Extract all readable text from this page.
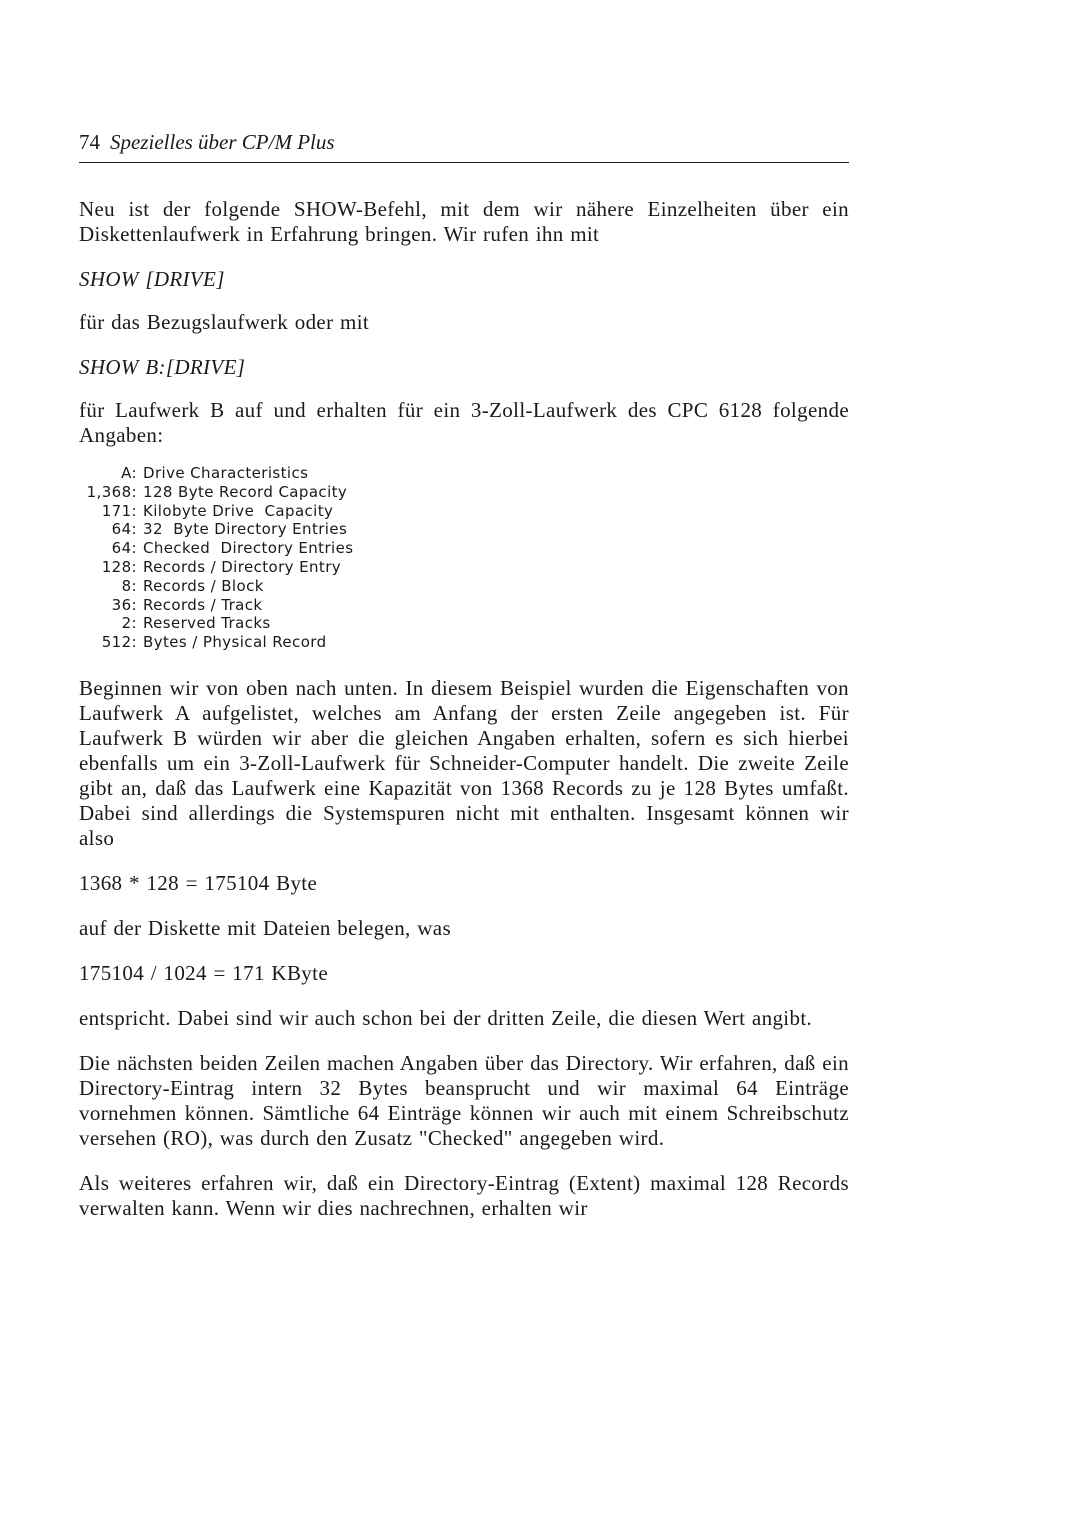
74 Spezielles über CP/M Plus

Neu ist der folgende SHOW-Befehl, mit dem wir nähere Einzelheiten über ein Diskettenlaufwerk in Erfahrung bringen. Wir rufen ihn mit

SHOW [DRIVE]

für das Bezugslaufwerk oder mit

SHOW B:[DRIVE]

für Laufwerk B auf und erhalten für ein 3-Zoll-Laufwerk des CPC 6128 folgende Angaben:

A: Drive Characteristics
1,368: 128 Byte Record Capacity
171: Kilobyte Drive  Capacity
64: 32  Byte Directory Entries
64: Checked  Directory Entries
128: Records / Directory Entry
8: Records / Block
36: Records / Track
2: Reserved Tracks
512: Bytes / Physical Record

Beginnen wir von oben nach unten. In diesem Beispiel wurden die Eigenschaften von Laufwerk A aufgelistet, welches am Anfang der ersten Zeile angegeben ist. Für Laufwerk B würden wir aber die gleichen Angaben erhalten, sofern es sich hierbei ebenfalls um ein 3-Zoll-Laufwerk für Schneider-Computer handelt. Die zweite Zeile gibt an, daß das Laufwerk eine Kapazität von 1368 Records zu je 128 Bytes umfaßt. Dabei sind allerdings die Systemspuren nicht mit enthalten. Insgesamt können wir also

1368 * 128 = 175104 Byte

auf der Diskette mit Dateien belegen, was

175104 / 1024 = 171 KByte

entspricht. Dabei sind wir auch schon bei der dritten Zeile, die diesen Wert angibt.

Die nächsten beiden Zeilen machen Angaben über das Directory. Wir erfahren, daß ein Directory-Eintrag intern 32 Bytes beansprucht und wir maximal 64 Einträge vornehmen können. Sämtliche 64 Einträge können wir auch mit einem Schreibschutz versehen (RO), was durch den Zusatz "Checked" angegeben wird.

Als weiteres erfahren wir, daß ein Directory-Eintrag (Extent) maximal 128 Records verwalten kann. Wenn wir dies nachrechnen, erhalten wir
